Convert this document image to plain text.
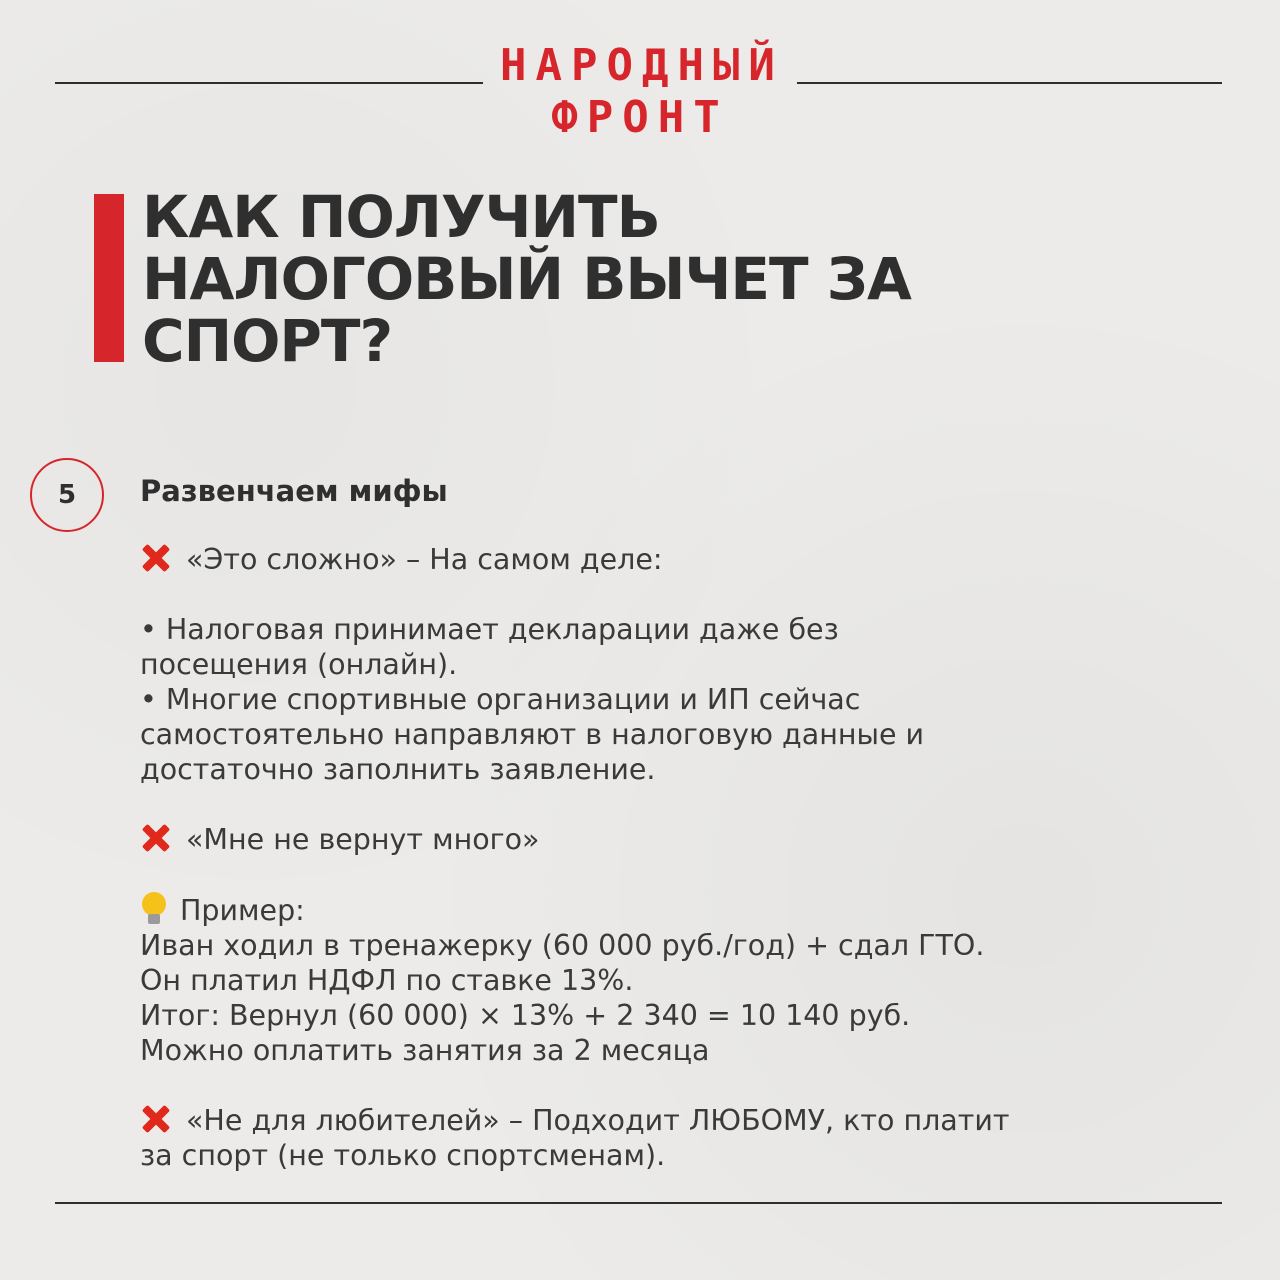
НАРОДНЫЙ
ФРОНТ
КАК ПОЛУЧИТЬ
НАЛОГОВЫЙ ВЫЧЕТ ЗА
СПОРТ?
5 Развенчаем мифы

«Это сложно» – На самом деле:

• Налоговая принимает декларации даже без

посещения (онлайн).

• Многие спортивные организации и ИП сейчас

самостоятельно направляют в налоговую данные и

достаточно заполнить заявление.

«Мне не вернут много»

Пример:

Иван ходил в тренажерку (60 000 руб./год) + сдал ГТО.

Он платил НДФЛ по ставке 13%.

Итог: Вернул (60 000) × 13% + 2 340 = 10 140 руб.

Можно оплатить занятия за 2 месяца

«Не для любителей» – Подходит ЛЮБОМУ, кто платит

за спорт (не только спортсменам).
